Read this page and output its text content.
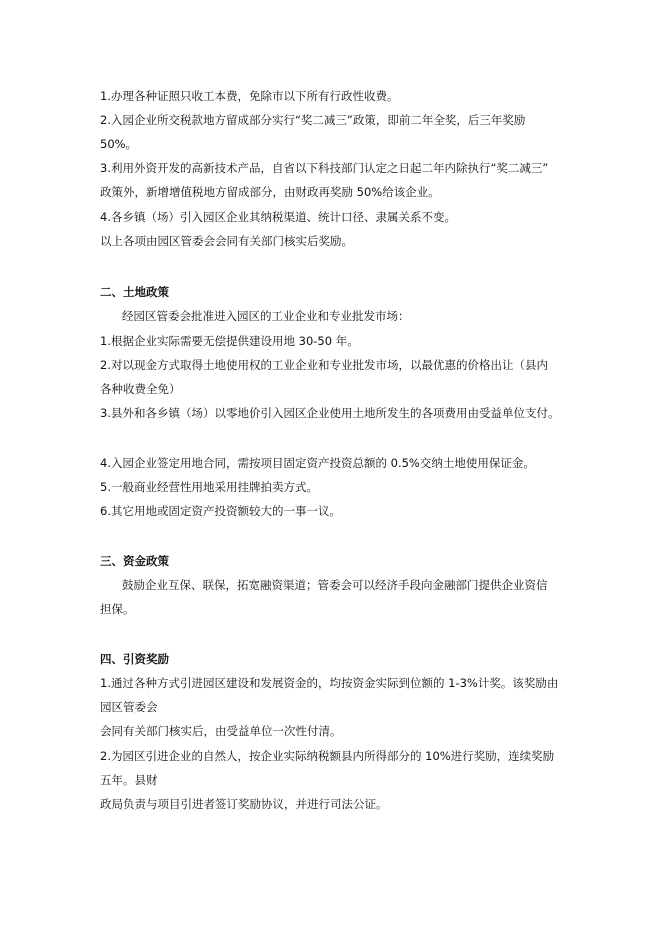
1.办理各种证照只收工本费，免除市以下所有行政性收费。
2.入园企业所交税款地方留成部分实行“奖二减三”政策，即前二年全奖，后三年奖励
50%。
3.利用外资开发的高新技术产品，自省以下科技部门认定之日起二年内除执行“奖二减三”
政策外，新增增值税地方留成部分，由财政再奖励 50%给该企业。
4.各乡镇（场）引入园区企业其纳税渠道、统计口径、隶属关系不变。
以上各项由园区管委会会同有关部门核实后奖励。
二、土地政策
经园区管委会批准进入园区的工业企业和专业批发市场：
1.根据企业实际需要无偿提供建设用地 30-50 年。
2.对以现金方式取得土地使用权的工业企业和专业批发市场，以最优惠的价格出让（县内
各种收费全免）
3.县外和各乡镇（场）以零地价引入园区企业使用土地所发生的各项费用由受益单位支付。
4.入园企业签定用地合同，需按项目固定资产投资总额的 0.5%交纳土地使用保证金。
5.一般商业经营性用地采用挂牌拍卖方式。
6.其它用地或固定资产投资额较大的一事一议。
三、资金政策
鼓励企业互保、联保，拓宽融资渠道；管委会可以经济手段向金融部门提供企业资信
担保。
四、引资奖励
1.通过各种方式引进园区建设和发展资金的，均按资金实际到位额的 1-3%计奖。该奖励由
园区管委会
会同有关部门核实后，由受益单位一次性付清。
2.为园区引进企业的自然人，按企业实际纳税额县内所得部分的 10%进行奖励，连续奖励
五年。县财
政局负责与项目引进者签订奖励协议，并进行司法公证。
